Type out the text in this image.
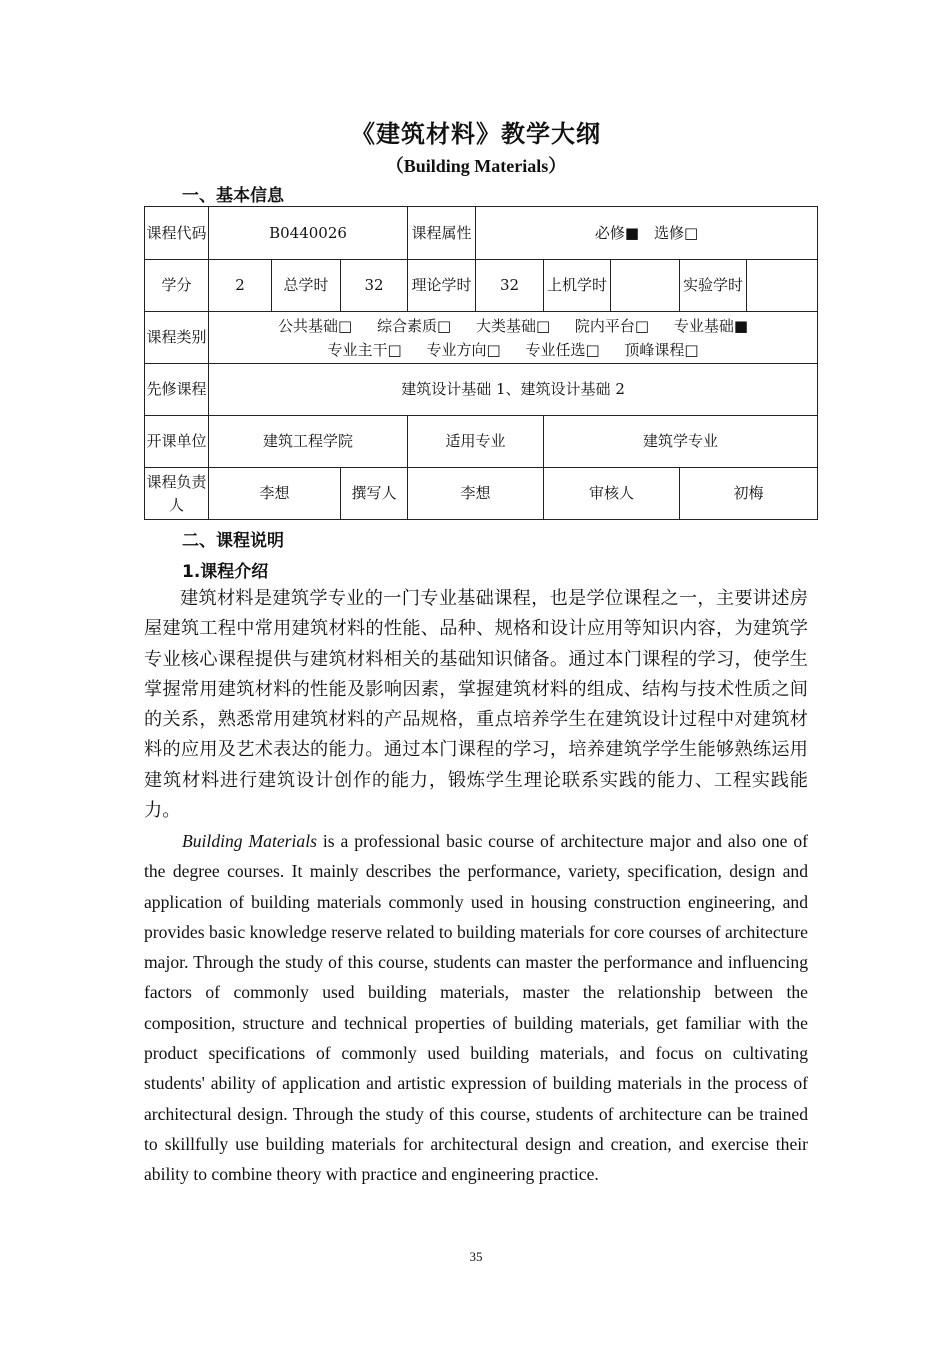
《建筑材料》教学大纲
（Building Materials）
一、基本信息
课程代码	B0440026			课程属性	必修■　选修□				
学分	2	总学时	32	理论学时	32	上机学时		实验学时	
课程类别	公共基础□ 综合素质□ 大类基础□ 院内平台□ 专业基础■
专业主干□ 专业方向□ 专业任选□ 顶峰课程□								

先修课程	建筑设计基础 1、建筑设计基础 2								
开课单位	建筑工程学院			适用专业		建筑学专业			
课程负责人	李想		撰写人	李想		审核人		初梅	
二、课程说明
1.课程介绍

建筑材料是建筑学专业的一门专业基础课程，也是学位课程之一，主要讲述房屋建筑工程中常用建筑材料的性能、品种、规格和设计应用等知识内容，为建筑学专业核心课程提供与建筑材料相关的基础知识储备。通过本门课程的学习，使学生掌握常用建筑材料的性能及影响因素，掌握建筑材料的组成、结构与技术性质之间的关系，熟悉常用建筑材料的产品规格，重点培养学生在建筑设计过程中对建筑材料的应用及艺术表达的能力。通过本门课程的学习，培养建筑学学生能够熟练运用建筑材料进行建筑设计创作的能力，锻炼学生理论联系实践的能力、工程实践能力。

Building Materials is a professional basic course of architecture major and also one of the degree courses. It mainly describes the performance, variety, specification, design and application of building materials commonly used in housing construction engineering, and provides basic knowledge reserve related to building materials for core courses of architecture major. Through the study of this course, students can master the performance and influencing factors of commonly used building materials, master the relationship between the composition, structure and technical properties of building materials, get familiar with the product specifications of commonly used building materials, and focus on cultivating students' ability of application and artistic expression of building materials in the process of architectural design. Through the study of this course, students of architecture can be trained to skillfully use building materials for architectural design and creation, and exercise their ability to combine theory with practice and engineering practice.

35
